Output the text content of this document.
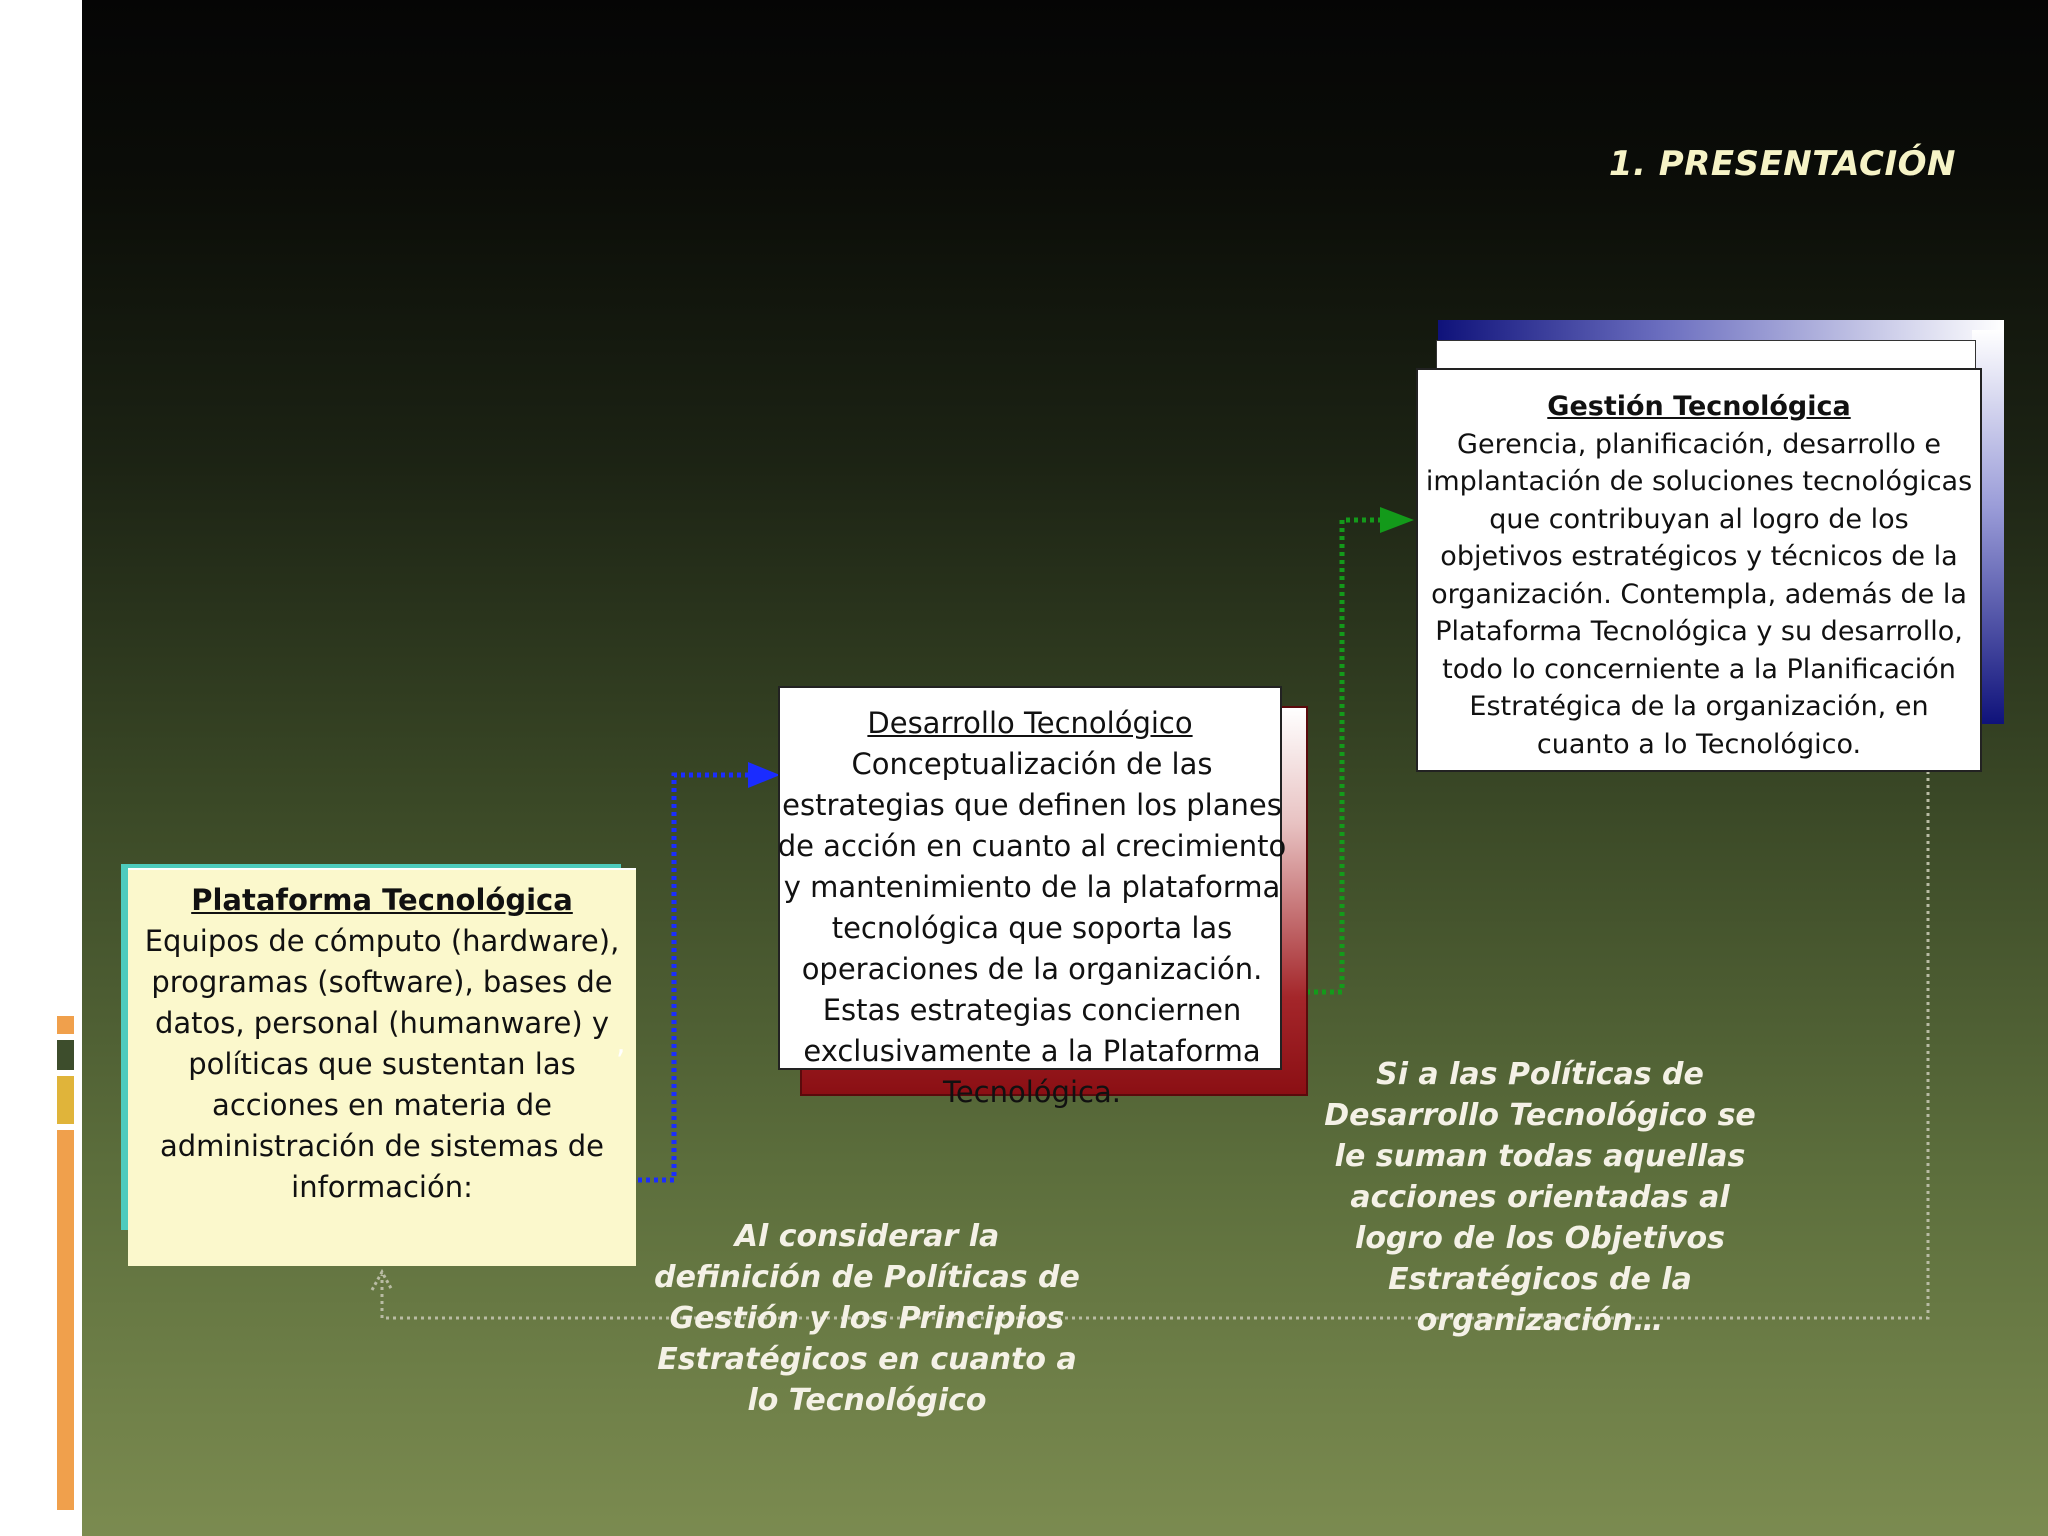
1. PRESENTACIÓN
Plataforma Tecnológica
Equipos de cómputo (hardware), programas (software), bases de datos, personal (humanware) y políticas que sustentan las acciones en materia de administración de sistemas de información:
,
Desarrollo Tecnológico
Conceptualización de las estrategias que definen los planes de acción en cuanto al crecimiento y mantenimiento de la plataforma tecnológica que soporta las operaciones de la organización. Estas estrategias conciernen exclusivamente a la Plataforma Tecnológica.
Gestión Tecnológica
Gerencia, planificación, desarrollo e implantación de soluciones tecnológicas que contribuyan al logro de los objetivos estratégicos y técnicos de la organización. Contempla, además de la Plataforma Tecnológica y su desarrollo, todo lo concerniente a la Planificación Estratégica de la organización, en cuanto a lo Tecnológico.
Al considerar la definición de Políticas de Gestión y los Principios Estratégicos en cuanto a lo Tecnológico
Si a las Políticas de Desarrollo Tecnológico se le suman todas aquellas acciones orientadas al logro de los Objetivos Estratégicos de la organización…
